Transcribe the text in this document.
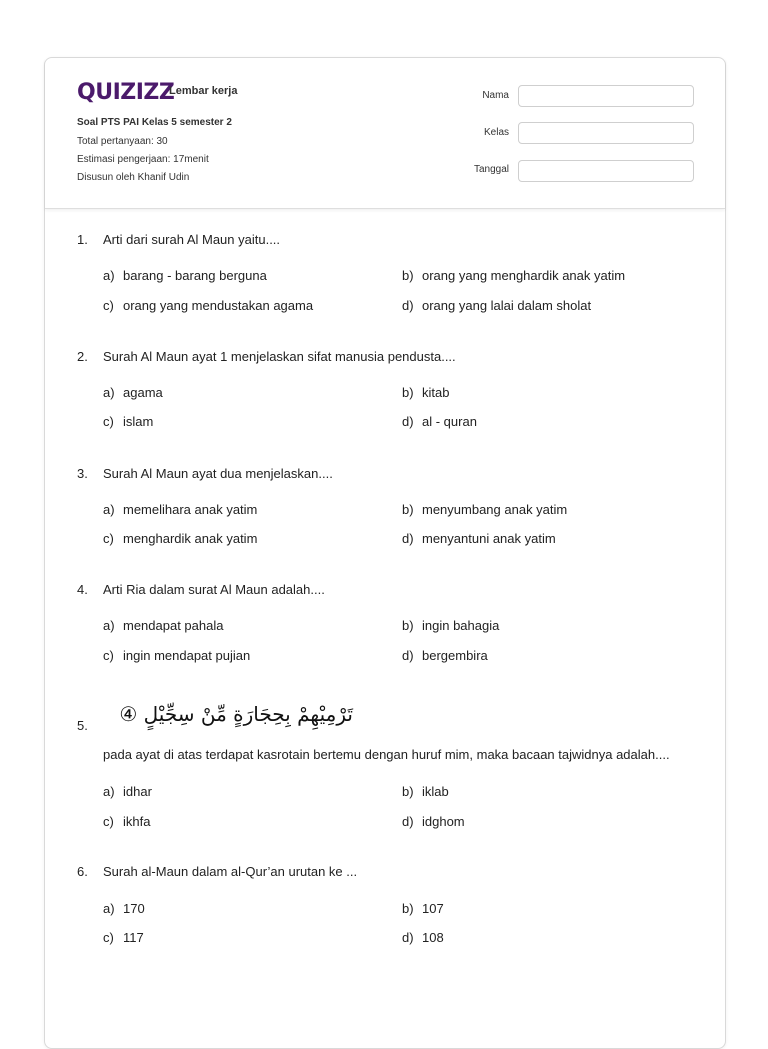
QUIZIZZ
Lembar kerja
Soal PTS PAI Kelas 5 semester 2
Total pertanyaan: 30
Estimasi pengerjaan: 17menit
Disusun oleh Khanif Udin
Nama
Kelas
Tanggal
1. Arti dari surah Al Maun yaitu....
a) barang - barang berguna	b) orang yang menghardik anak yatim
c) orang yang mendustakan agama	d) orang yang lalai dalam sholat
2. Surah Al Maun ayat 1 menjelaskan sifat manusia pendusta....
a) agama	b) kitab
c) islam	d) al - quran
3. Surah Al Maun ayat dua menjelaskan....
a) memelihara anak yatim	b) menyumbang anak yatim
c) menghardik anak yatim	d) menyantuni anak yatim
4. Arti Ria dalam surat Al Maun adalah....
a) mendapat pahala	b) ingin bahagia
c) ingin mendapat pujian	d) bergembira
تَرْمِيْهِمْ بِحِجَارَةٍ مِّنْ سِجِّيْلٍ ④
5.
pada ayat di atas terdapat kasrotain bertemu dengan huruf mim, maka bacaan tajwidnya adalah....
a) idhar	b) iklab
c) ikhfa	d) idghom
6. Surah al-Maun dalam al-Qur’an urutan ke ...
a) 170	b) 107
c) 117	d) 108
